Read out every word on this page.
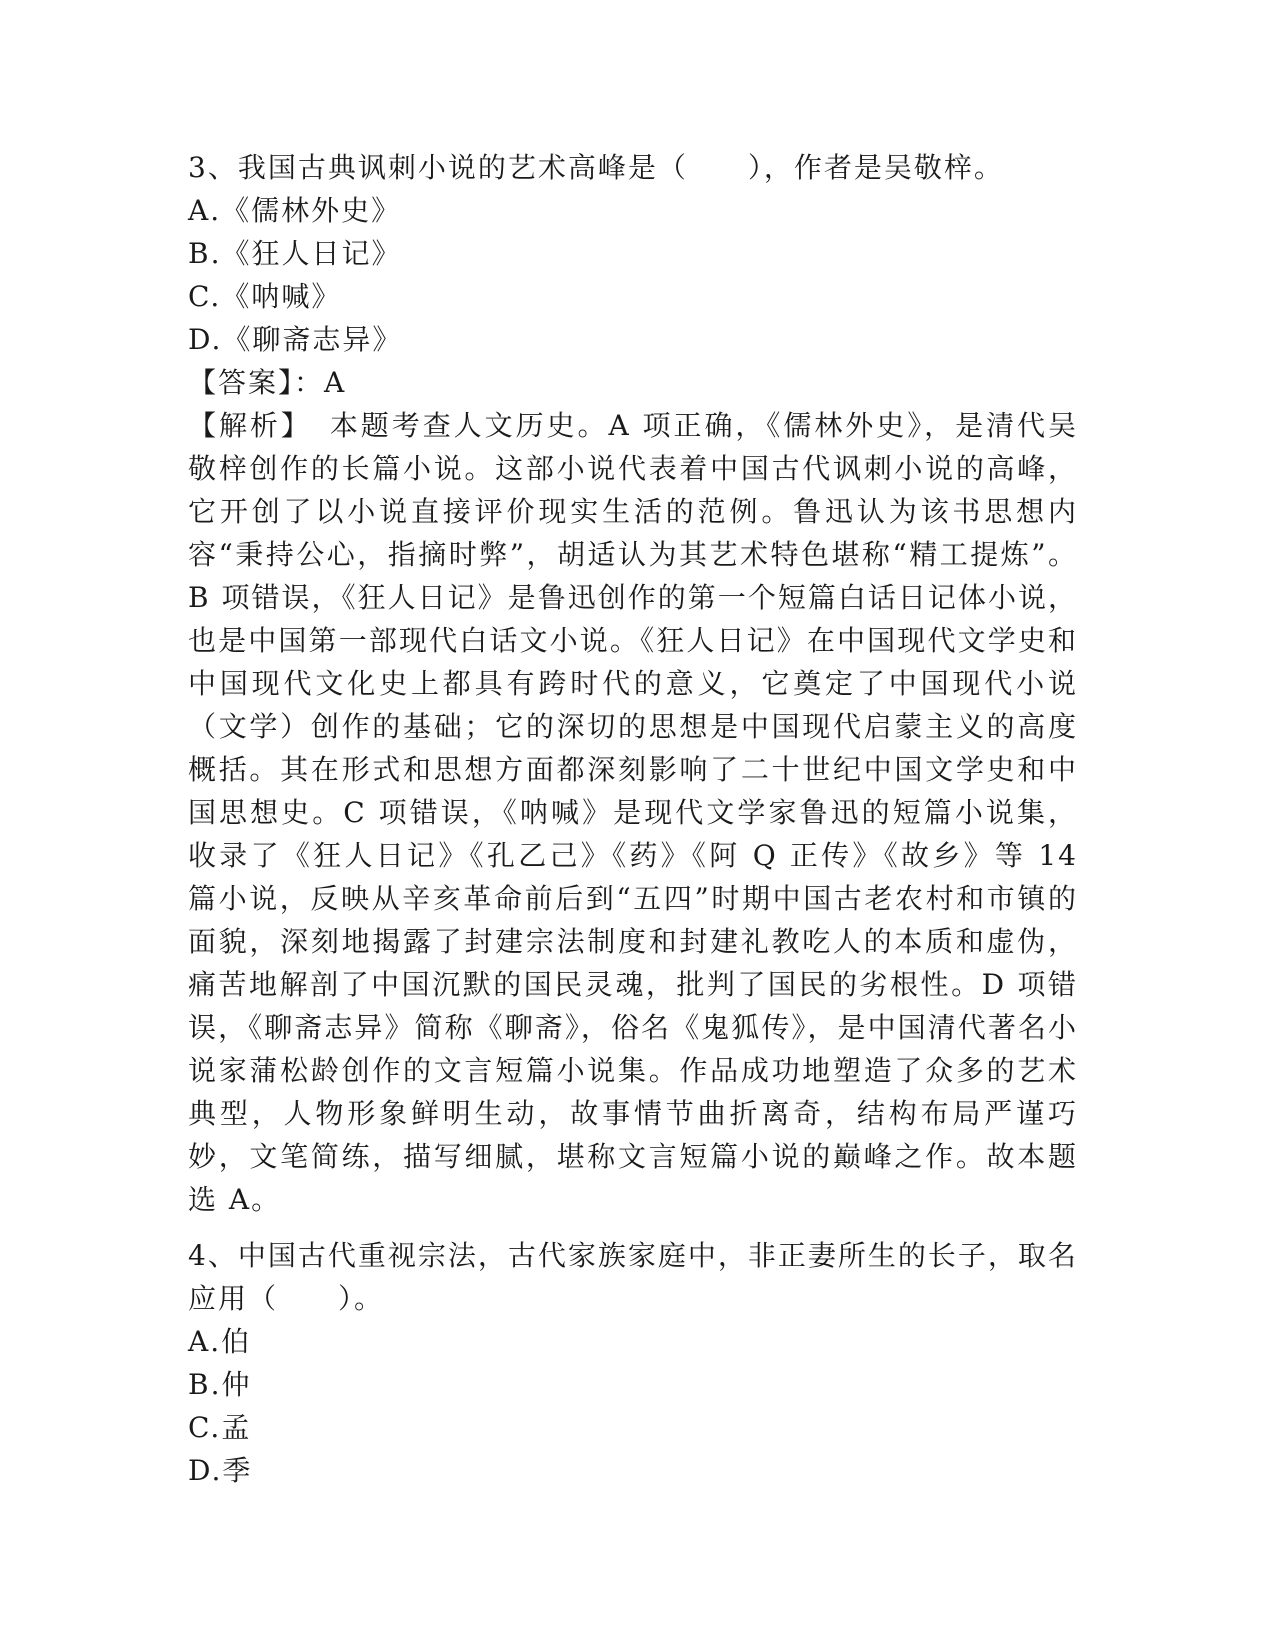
3、我国古典讽刺小说的艺术高峰是（　　），作者是吴敬梓。

A.《儒林外史》

B.《狂人日记》

C.《呐喊》

D.《聊斋志异》

【答案】：A

【解析】 本题考查人文历史。A 项正确，《儒林外史》，是清代吴敬梓创作的长篇小说。这部小说代表着中国古代讽刺小说的高峰，它开创了以小说直接评价现实生活的范例。鲁迅认为该书思想内容“秉持公心，指摘时弊”，胡适认为其艺术特色堪称“精工提炼”。B 项错误，《狂人日记》是鲁迅创作的第一个短篇白话日记体小说，也是中国第一部现代白话文小说。《狂人日记》在中国现代文学史和中国现代文化史上都具有跨时代的意义，它奠定了中国现代小说（文学）创作的基础；它的深切的思想是中国现代启蒙主义的高度概括。其在形式和思想方面都深刻影响了二十世纪中国文学史和中国思想史。C 项错误，《呐喊》是现代文学家鲁迅的短篇小说集，收录了《狂人日记》《孔乙己》《药》《阿 Q 正传》《故乡》等 14 篇小说，反映从辛亥革命前后到“五四”时期中国古老农村和市镇的面貌，深刻地揭露了封建宗法制度和封建礼教吃人的本质和虚伪，痛苦地解剖了中国沉默的国民灵魂，批判了国民的劣根性。D 项错误，《聊斋志异》简称《聊斋》，俗名《鬼狐传》，是中国清代著名小说家蒲松龄创作的文言短篇小说集。作品成功地塑造了众多的艺术典型，人物形象鲜明生动，故事情节曲折离奇，结构布局严谨巧妙，文笔简练，描写细腻，堪称文言短篇小说的巅峰之作。故本题选 A。

4、中国古代重视宗法，古代家族家庭中，非正妻所生的长子，取名应用（　　）。

A.伯

B.仲

C.孟

D.季
